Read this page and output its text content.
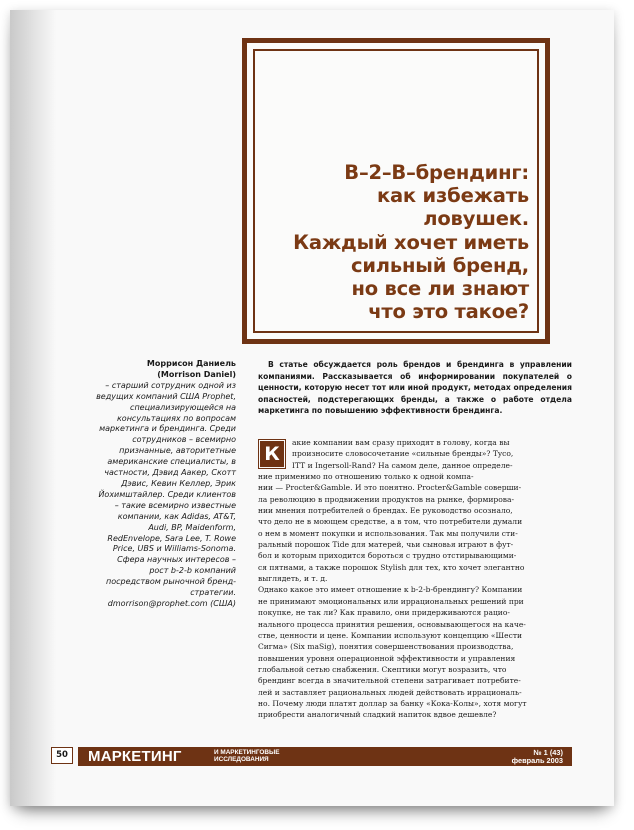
В–2–В–брендинг:
как избежать
ловушек.
Каждый хочет иметь
сильный бренд,
но все ли знают
что это такое?
Моррисон Даниель
(Morrison Daniel)
– старший сотрудник одной из ведущих компаний США Prophet, специализирующейся на консультациях по вопросам маркетинга и брендинга. Среди сотрудников – всемирно признанные, авторитетные американские специалисты, в частности, Дэвид Аакер, Скотт Дэвис, Кевин Келлер, Эрик Йохимштайлер. Среди клиентов – такие всемирно известные компании, как Adidas, AT&T, Audi, BP, Maidenform, RedEnvelope, Sara Lee, T. Rowe Price, UBS и Williams-Sonoma. Сфера научных интересов – рост b-2-b компаний посредством рыночной бренд-стратегии. dmorrison@prophet.com (США)
В статье обсуждается роль брендов и брендинга в управлении компаниями. Рассказывается об информировании покупателей о ценности, которую несет тот или иной продукт, методах определения опасностей, подстерегающих бренды, а также о работе отдела маркетинга по повышению эффективности брендинга.
К
акие компании вам сразу приходят в голову, когда вы
произносите словосочетание «сильные бренды»? Tyco,
ITT и Ingersoll-Rand? На самом деле, данное определе-
ние применимо по отношению только к одной компа-
нии — Procter&Gamble. И это понятно. Procter&Gamble соверши-
ла революцию в продвижении продуктов на рынке, формирова-
нии мнения потребителей о брендах. Ее руководство осознало,
что дело не в моющем средстве, а в том, что потребители думали
о нем в момент покупки и использования. Так мы получили сти-
ральный порошок Tide для матерей, чьи сыновья играют в фут-
бол и которым приходится бороться с трудно отстирывающими-
ся пятнами, а также порошок Stylish для тех, кто хочет элегантно
выглядеть, и т. д.
Однако какое это имеет отношение к b-2-b-брендингу? Компании
не принимают эмоциональных или иррациональных решений при
покупке, не так ли? Как правило, они придерживаются рацио-
нального процесса принятия решения, основывающегося на каче-
стве, ценности и цене. Компании используют концепцию «Шести
Сигма» (Six maSig), понятия совершенствования производства,
повышения уровня операционной эффективности и управления
глобальной сетью снабжения. Скептики могут возразить, что
брендинг всегда в значительной степени затрагивает потребите-
лей и заставляет рациональных людей действовать иррациональ-
но. Почему люди платят доллар за банку «Кока-Колы», хотя могут
приобрести аналогичный сладкий напиток вдвое дешевле?
50	МАРКЕТИНГ	И МАРКЕТИНГОВЫЕ
ИССЛЕДОВАНИЯ
№ 1 (43)
февраль 2003
